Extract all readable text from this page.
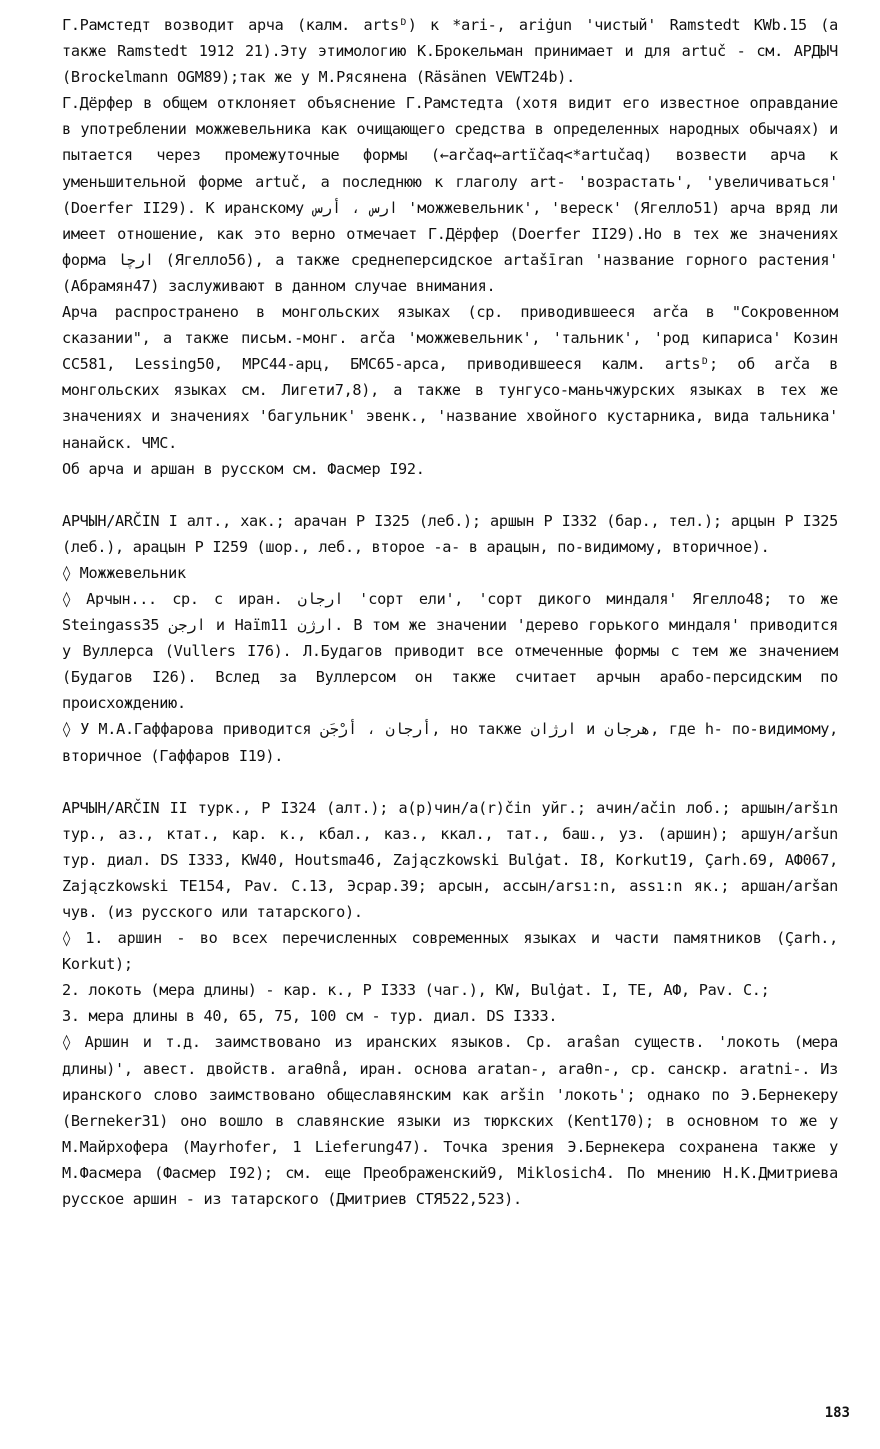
Г.Рамстедт возводит арча (калм. artsᴰ) к *ari-, ariġun 'чистый' Ramstedt KWb.15 (а также Ramstedt 1912 21).Эту этимологию К.Брокельман принимает и для artuč - см. АРДЫЧ (Brockelmann OGM89);так же у М.Рясянена (Räsänen VEWT24b).

Г.Дёрфер в общем отклоняет объяснение Г.Рамстедта (хотя видит его известное оправдание в употреблении можжевельника как очищающего средства в определенных народных обычаях) и пытается через промежуточные формы (←arčaq←artïčaq<*artučaq) возвести арча к уменьшительной форме artuč, а последнюю к глаголу art- 'возрастать', 'увеличиваться' (Doerfer II29). К иранскому ارس ، أرس 'можжевельник', 'вереск' (Ягелло51) арча вряд ли имеет отношение, как это верно отмечает Г.Дёрфер (Doerfer II29).Но в тех же значениях форма ارچا (Ягелло56), а также среднеперсидское artašīran 'название горного растения' (Абрамян47) заслуживают в данном случае внимания.

Арча распространено в монгольских языках (ср. приводившееся arča в "Сокровенном сказании", а также письм.-монг. arča 'можжевельник', 'тальник', 'род кипариса' Козин СС581, Lessing50, МРС44-арц, БМС65-арса, приводившееся калм. artsᴰ; об arča в монгольских языках см. Лигети7,8), а также в тунгусо-маньчжурских языках в тех же значениях и значениях 'багульник' эвенк., 'название хвойного кустарника, вида тальника' нанайск. ЧМС.

Об арча и аршан в русском см. Фасмер I92.

АРЧЫН/ARČIN I алт., хак.; арачан Р I325 (леб.); аршын Р I332 (бар., тел.); арцын Р I325 (леб.), арацын Р I259 (шор., леб., второе -а- в арацын, по-видимому, вторичное).

◊ Можжевельник

◊ Арчын... ср. с иран. ارجان 'сорт ели', 'сорт дикого миндаля' Ягелло48; то же Steingass35 ارجن и Haïm11 ارژن. В том же значении 'дерево горького миндаля' приводится у Вуллерса (Vullers I76). Л.Будагов приводит все отмеченные формы с тем же значением (Будагов I26). Вслед за Вуллерсом он также считает арчын арабо-персидским по происхождению.

◊ У М.А.Гаффарова приводится أرجان ، أرْجَن, но также ارژان и هرجان, где h- по-видимому, вторичное (Гаффаров I19).

АРЧЫН/ARČIN II турк., Р I324 (алт.); а(р)чин/a(r)čin уйг.; ачин/ačin лоб.; аршын/aršın тур., аз., ктат., кар. к., кбал., каз., ккал., тат., баш., уз. (аршин); аршун/aršun тур. диал. DS I333, KW40, Houtsma46, Zajączkowski Bulġat. I8, Korkut19, Çarh.69, АФ067, Zajączkowski TE154, Pav. C.13, Эсрар.39; арсын, ассын/arsı:n, assı:n як.; аршан/aršan чув. (из русского или татарского).

◊ 1. аршин - во всех перечисленных современных языках и части памятников (Çarh., Korkut);

2. локоть (мера длины) - кар. к., Р I333 (чаг.), KW, Bulġat. I, ТЕ, АФ, Pav. C.;

3. мера длины в 40, 65, 75, 100 см - тур. диал. DS I333.

◊ Аршин и т.д. заимствовано из иранских языков. Ср. araŝan существ. 'локоть (мера длины)', авест. двойств. araθnå, иран. основа aratan-, araθn-, ср. санскр. aratni-. Из иранского слово заимствовано общеславянским как aršin 'локоть'; однако по Э.Бернекеру (Berneker31) оно вошло в славянские языки из тюркских (Kent170); в основном то же у М.Майрхофера (Mayrhofer, 1 Lieferung47). Точка зрения Э.Бернекера сохранена также у М.Фасмера (Фасмер I92); см. еще Преображенский9, Miklosich4. По мнению Н.К.Дмитриева русское аршин - из татарского (Дмитриев СТЯ522,523).

183
